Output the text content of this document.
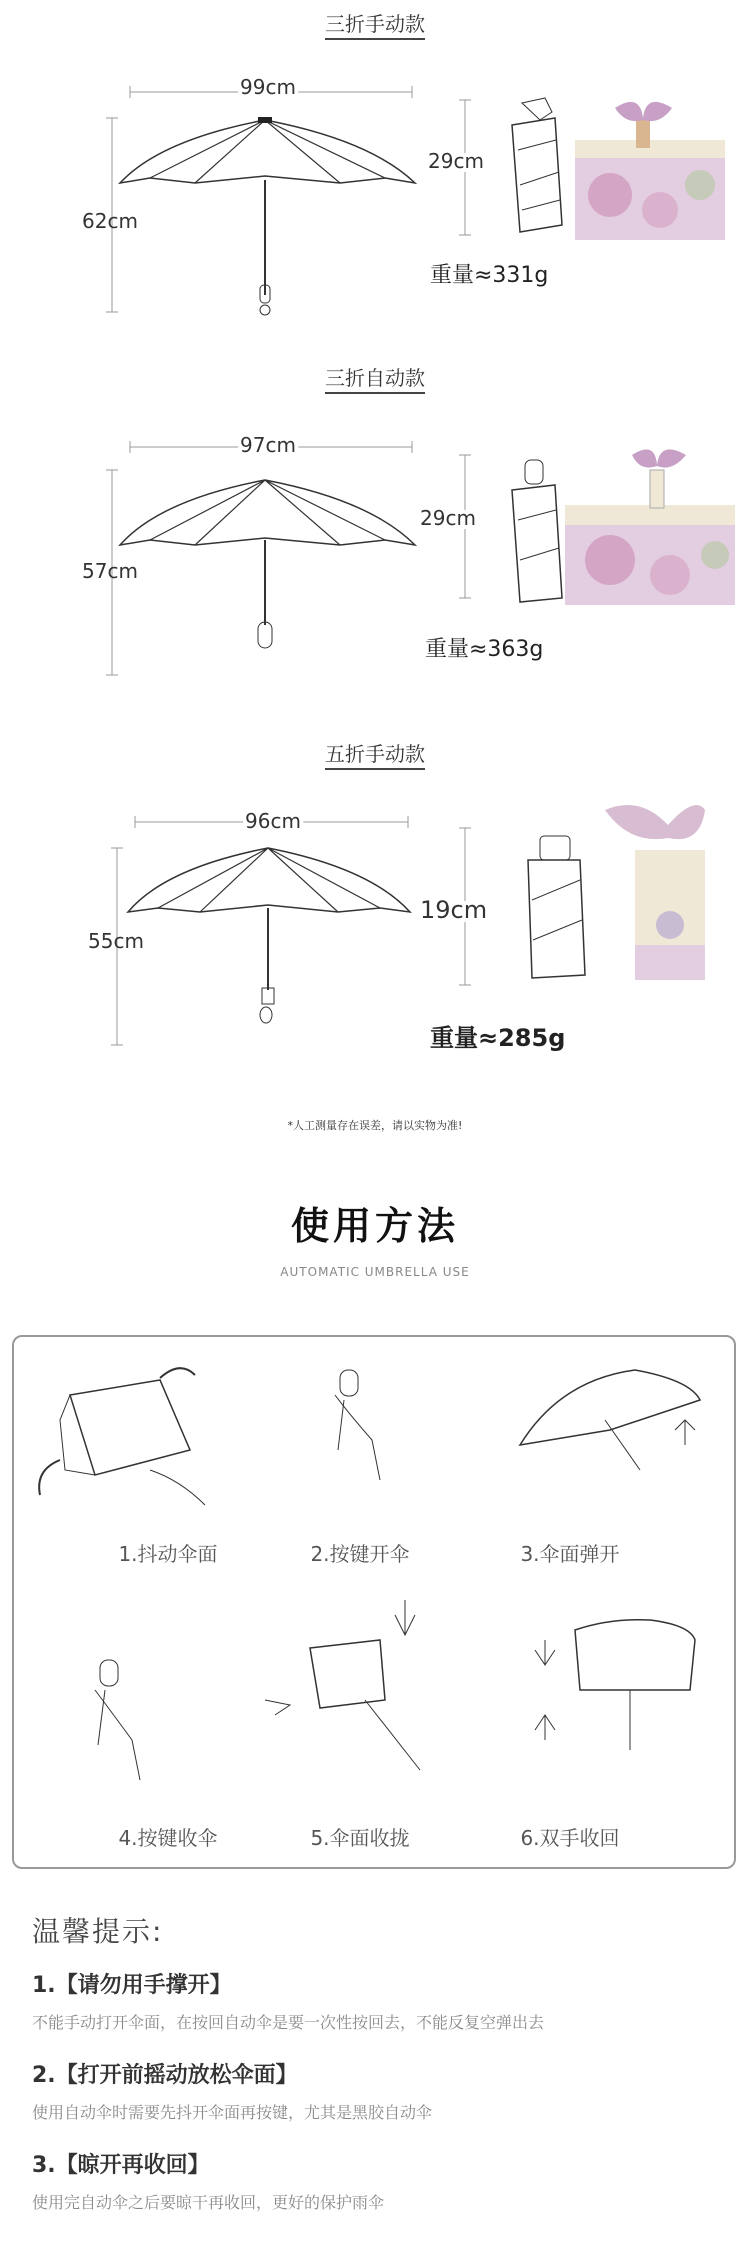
三折手动款
99cm
62cm
29cm
重量≈331g
三折自动款
97cm
57cm
29cm
重量≈363g
五折手动款
96cm
55cm
19cm
重量≈285g
*人工测量存在误差，请以实物为准!
使用方法
AUTOMATIC UMBRELLA USE
1.抖动伞面	2.按键开伞	3.伞面弹开
4.按键收伞	5.伞面收拢	6.双手收回
温馨提示:
1.【请勿用手撑开】
不能手动打开伞面，在按回自动伞是要一次性按回去，不能反复空弹出去
2.【打开前摇动放松伞面】
使用自动伞时需要先抖开伞面再按键，尤其是黑胶自动伞
3.【晾开再收回】
使用完自动伞之后要晾干再收回，更好的保护雨伞
